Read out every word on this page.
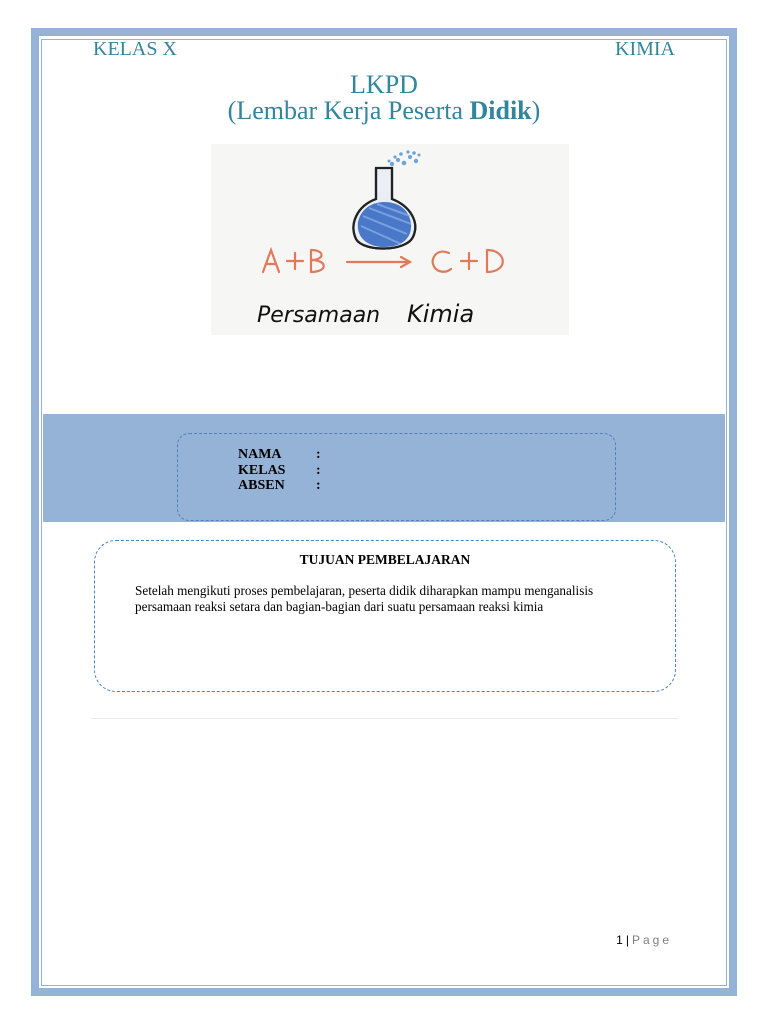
KELAS X	KIMIA
LKPD
(Lembar Kerja Peserta Didik)
Persamaan Kimia
NAMA :
KELAS :
ABSEN :
TUJUAN PEMBELAJARAN
Setelah mengikuti proses pembelajaran, peserta didik diharapkan mampu menganalisis persamaan reaksi setara dan bagian-bagian dari suatu persamaan reaksi kimia
1 | Page
